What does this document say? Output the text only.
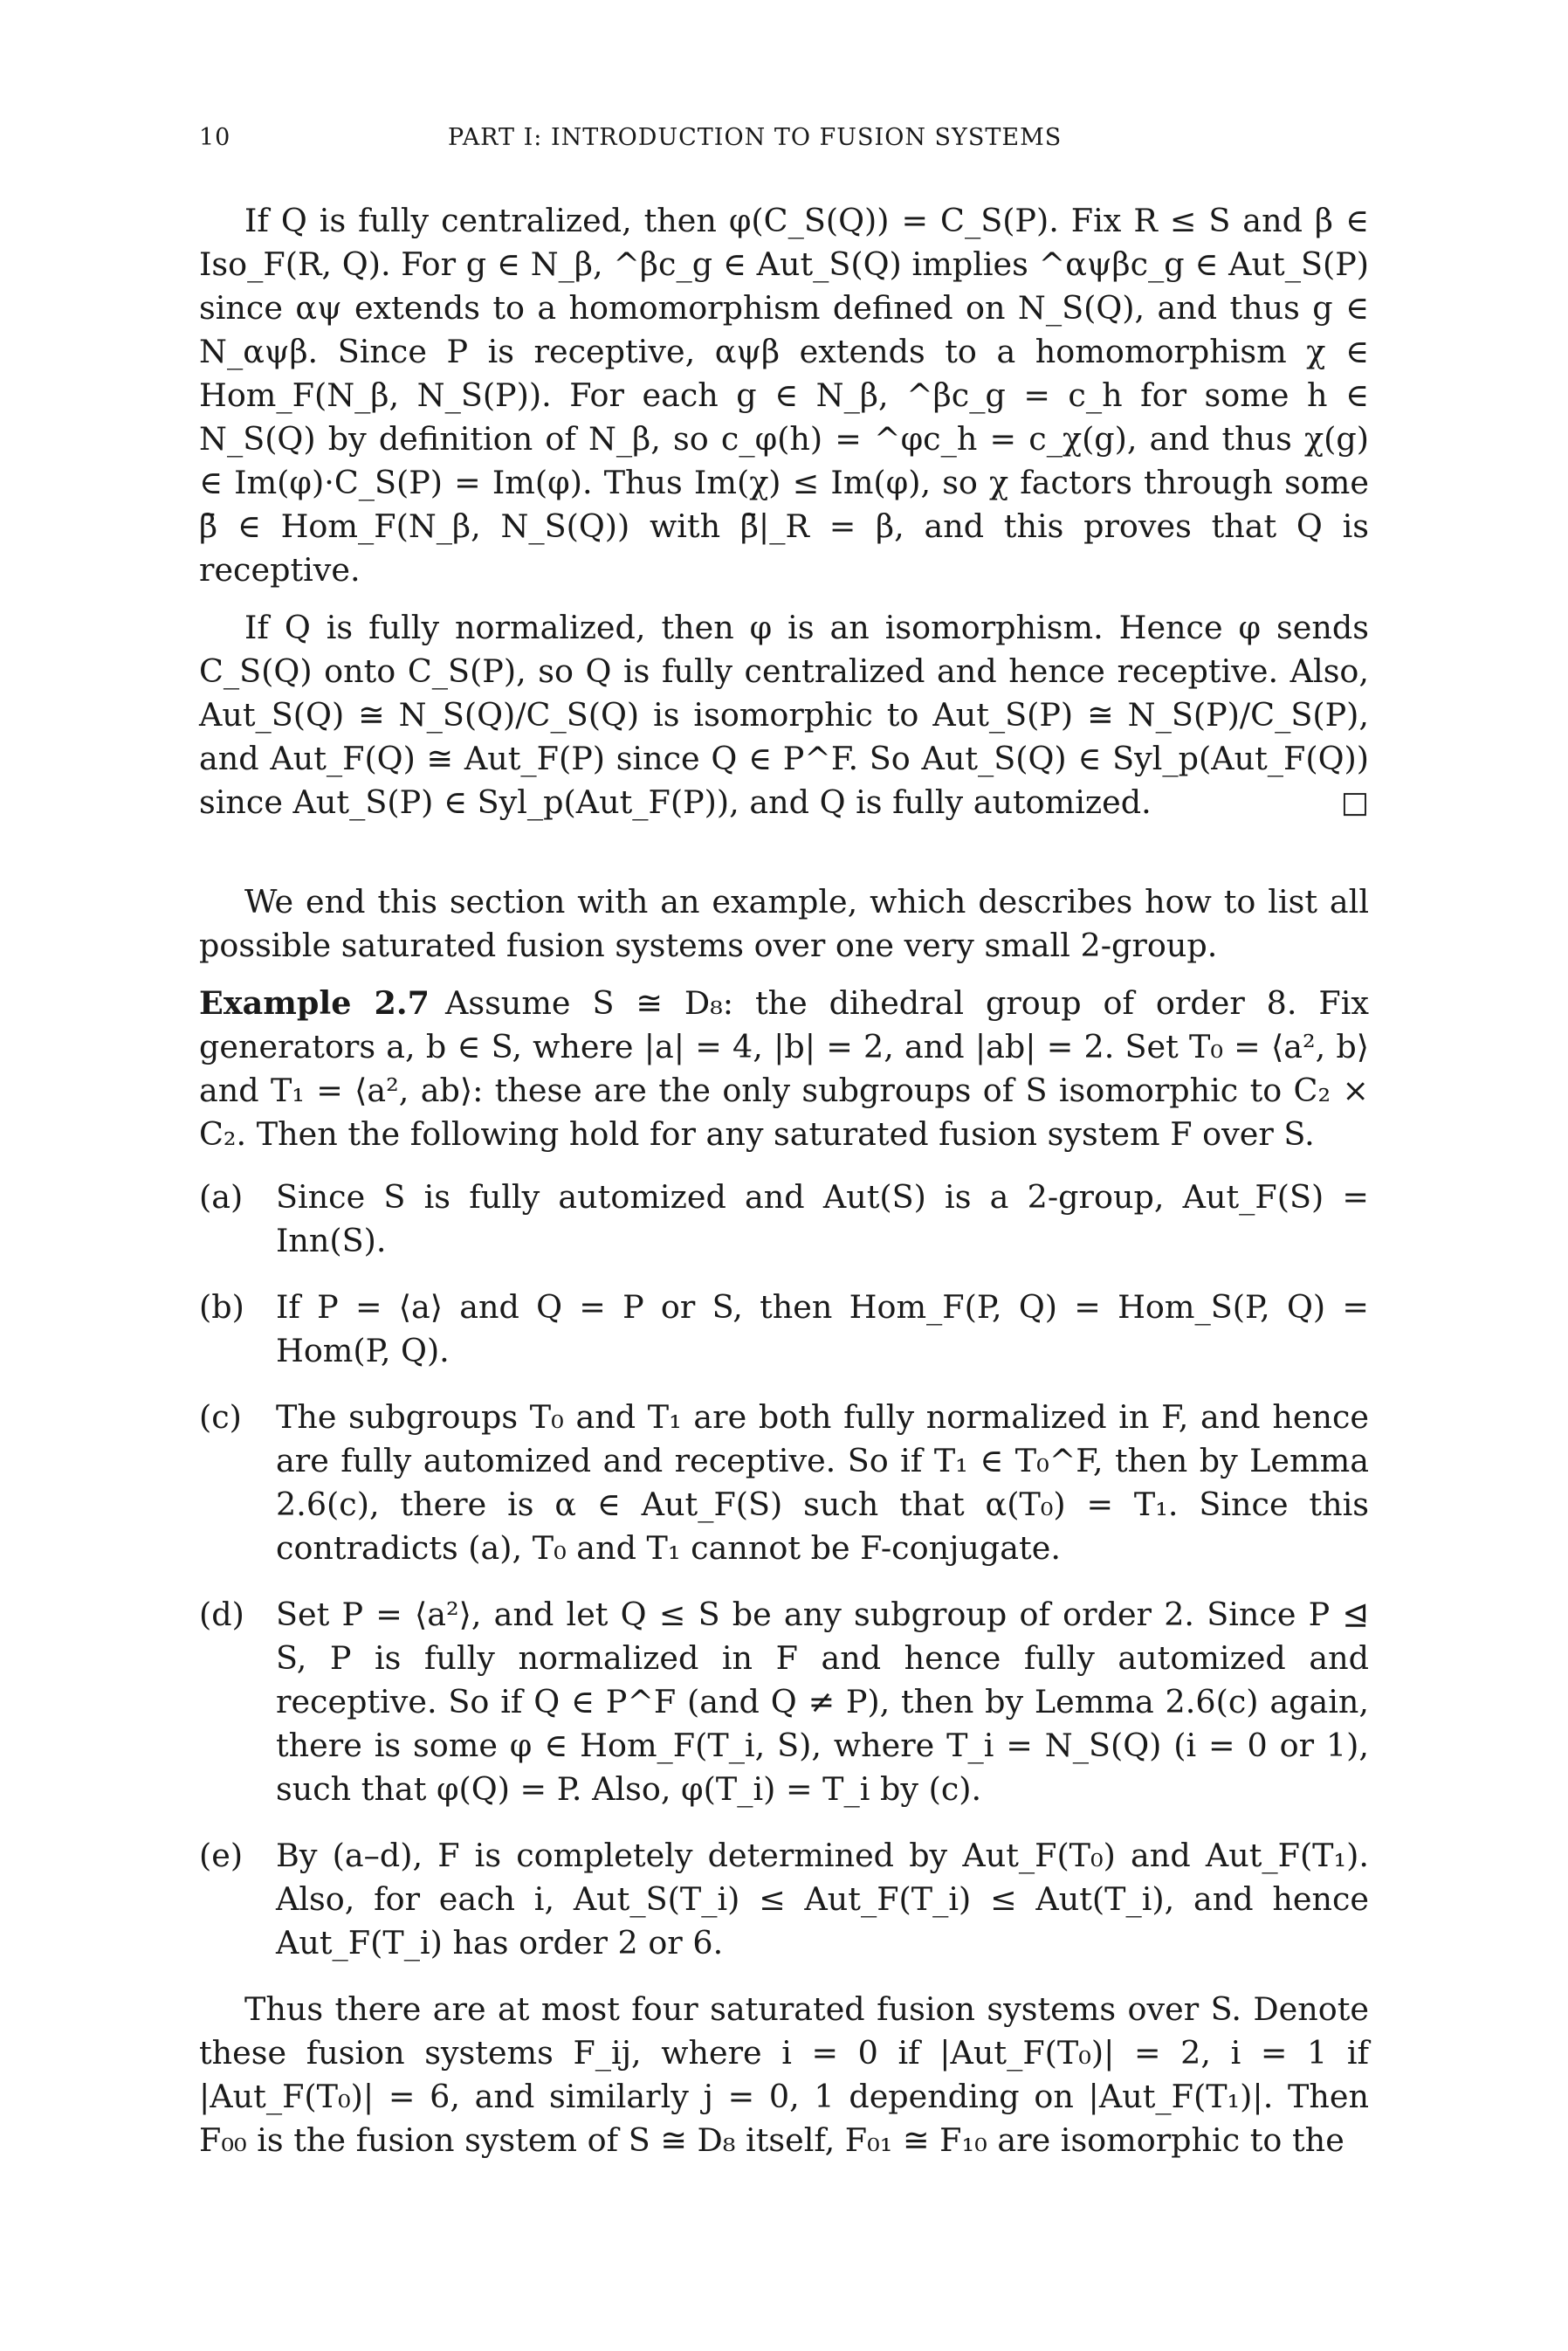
10	PART I: INTRODUCTION TO FUSION SYSTEMS

If Q is fully centralized, then φ(C_S(Q)) = C_S(P). Fix R ≤ S and β ∈ Iso_F(R, Q). For g ∈ N_β, ^βc_g ∈ Aut_S(Q) implies ^αψβc_g ∈ Aut_S(P) since αψ extends to a homomorphism defined on N_S(Q), and thus g ∈ N_αψβ. Since P is receptive, αψβ extends to a homomorphism χ ∈ Hom_F(N_β, N_S(P)). For each g ∈ N_β, ^βc_g = c_h for some h ∈ N_S(Q) by definition of N_β, so c_φ(h) = ^φc_h = c_χ(g), and thus χ(g) ∈ Im(φ)·C_S(P) = Im(φ). Thus Im(χ) ≤ Im(φ), so χ factors through some β̄ ∈ Hom_F(N_β, N_S(Q)) with β̄|_R = β, and this proves that Q is receptive.

If Q is fully normalized, then φ is an isomorphism. Hence φ sends C_S(Q) onto C_S(P), so Q is fully centralized and hence receptive. Also, Aut_S(Q) ≅ N_S(Q)/C_S(Q) is isomorphic to Aut_S(P) ≅ N_S(P)/C_S(P), and Aut_F(Q) ≅ Aut_F(P) since Q ∈ P^F. So Aut_S(Q) ∈ Syl_p(Aut_F(Q)) since Aut_S(P) ∈ Syl_p(Aut_F(P)), and Q is fully automized.	□

We end this section with an example, which describes how to list all possible saturated fusion systems over one very small 2-group.

Example 2.7 Assume S ≅ D₈: the dihedral group of order 8. Fix generators a, b ∈ S, where |a| = 4, |b| = 2, and |ab| = 2. Set T₀ = ⟨a², b⟩ and T₁ = ⟨a², ab⟩: these are the only subgroups of S isomorphic to C₂ × C₂. Then the following hold for any saturated fusion system F over S.

(a) Since S is fully automized and Aut(S) is a 2-group, Aut_F(S) = Inn(S).
(b) If P = ⟨a⟩ and Q = P or S, then Hom_F(P, Q) = Hom_S(P, Q) = Hom(P, Q).
(c) The subgroups T₀ and T₁ are both fully normalized in F, and hence are fully automized and receptive. So if T₁ ∈ T₀^F, then by Lemma 2.6(c), there is α ∈ Aut_F(S) such that α(T₀) = T₁. Since this contradicts (a), T₀ and T₁ cannot be F-conjugate.
(d) Set P = ⟨a²⟩, and let Q ≤ S be any subgroup of order 2. Since P ⊴ S, P is fully normalized in F and hence fully automized and receptive. So if Q ∈ P^F (and Q ≠ P), then by Lemma 2.6(c) again, there is some φ ∈ Hom_F(T_i, S), where T_i = N_S(Q) (i = 0 or 1), such that φ(Q) = P. Also, φ(T_i) = T_i by (c).
(e) By (a–d), F is completely determined by Aut_F(T₀) and Aut_F(T₁). Also, for each i, Aut_S(T_i) ≤ Aut_F(T_i) ≤ Aut(T_i), and hence Aut_F(T_i) has order 2 or 6.

Thus there are at most four saturated fusion systems over S. Denote these fusion systems F_ij, where i = 0 if |Aut_F(T₀)| = 2, i = 1 if |Aut_F(T₀)| = 6, and similarly j = 0, 1 depending on |Aut_F(T₁)|. Then F₀₀ is the fusion system of S ≅ D₈ itself, F₀₁ ≅ F₁₀ are isomorphic to the
